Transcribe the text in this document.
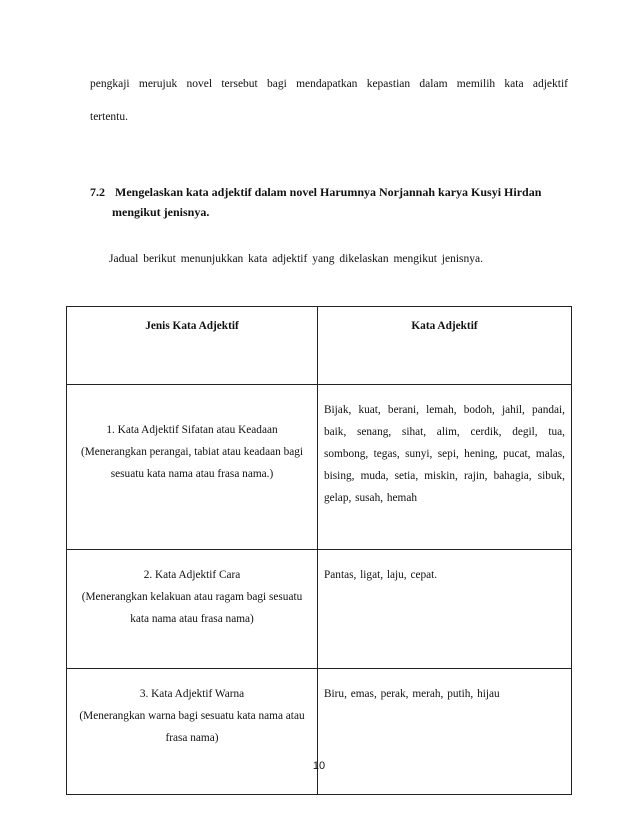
pengkaji merujuk novel tersebut bagi mendapatkan kepastian dalam memilih kata adjektif tertentu.
7.2 Mengelaskan kata adjektif dalam novel Harumnya Norjannah karya Kusyi Hirdan
mengikut jenisnya.
Jadual berikut menunjukkan kata adjektif yang dikelaskan mengikut jenisnya.
Jenis Kata Adjektif	Kata Adjektif

1. Kata Adjektif Sifatan atau Keadaan
(Menerangkan perangai, tabiat atau keadaan bagi sesuatu kata nama atau frasa nama.)	Bijak, kuat, berani, lemah, bodoh, jahil, pandai, baik, senang, sihat, alim, cerdik, degil, tua, sombong, tegas, sunyi, sepi, hening, pucat, malas, bising, muda, setia, miskin, rajin, bahagia, sibuk, gelap, susah, hemah

2. Kata Adjektif Cara
(Menerangkan kelakuan atau ragam bagi sesuatu kata nama atau frasa nama)	Pantas, ligat, laju, cepat.

3. Kata Adjektif Warna
(Menerangkan warna bagi sesuatu kata nama atau frasa nama)	Biru, emas, perak, merah, putih, hijau
10
